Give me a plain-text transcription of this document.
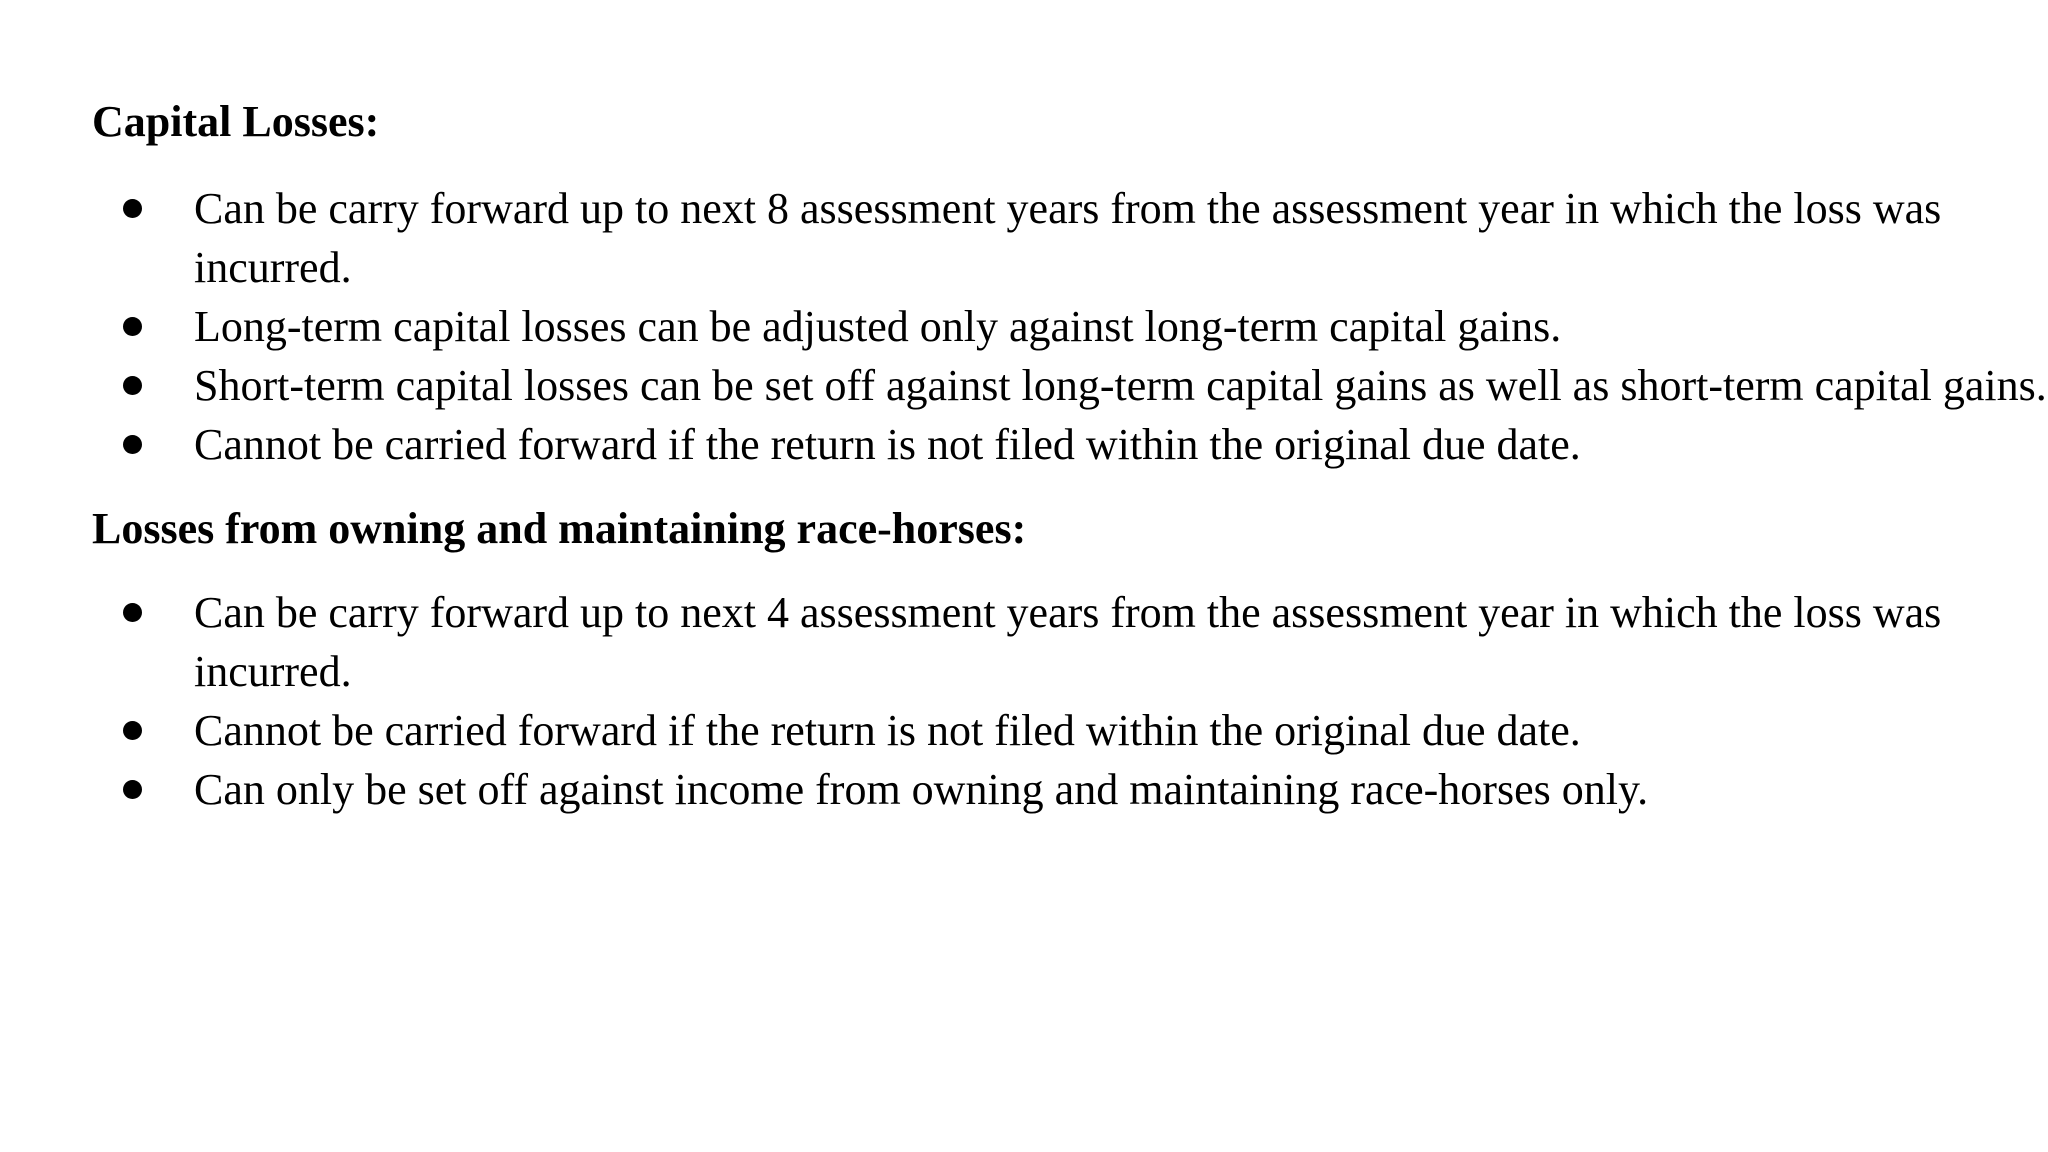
Capital Losses:
Can be carry forward up to next 8 assessment years from the assessment year in which the loss was incurred.
Long-term capital losses can be adjusted only against long-term capital gains.
Short-term capital losses can be set off against long-term capital gains as well as short-term capital gains.
Cannot be carried forward if the return is not filed within the original due date.
Losses from owning and maintaining race-horses:
Can be carry forward up to next 4 assessment years from the assessment year in which the loss was incurred.
Cannot be carried forward if the return is not filed within the original due date.
Can only be set off against income from owning and maintaining race-horses only.
